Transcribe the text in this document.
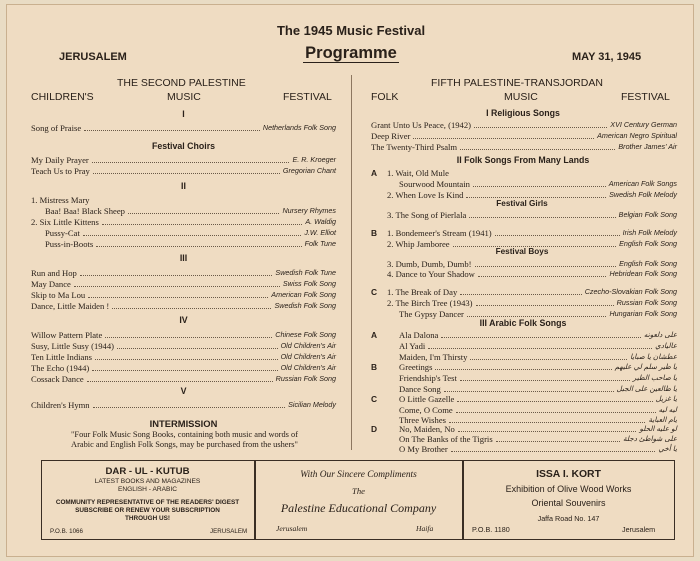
The 1945 Music Festival
Programme
JERUSALEM	MAY 31, 1945
THE SECOND PALESTINE
CHILDREN'S	MUSIC	FESTIVAL
I
Song of Praise	Netherlands Folk Song
Festival Choirs
My Daily Prayer	E. R. Kroeger
Teach Us to Pray	Gregorian Chant
II
1. Mistress Mary
Baa! Baa! Black Sheep	Nursery Rhymes
2. Six Little Kittens	A. Waldig
Pussy-Cat	J.W. Elliot
Puss-in-Boots	Folk Tune
III
Run and Hop	Swedish Folk Tune
May Dance	Swiss Folk Song
Skip to Ma Lou	American Folk Song
Dance, Little Maiden !	Swedish Folk Song
IV
Willow Pattern Plate	Chinese Folk Song
Susy, Little Susy (1944)	Old Children's Air
Ten Little Indians	Old Children's Air
The Echo (1944)	Old Children's Air
Cossack Dance	Russian Folk Song
V
Children's Hymn	Sicilian Melody
INTERMISSION
"Four Folk Music Song Books, containing both music and words of
Arabic and English Folk Songs, may be purchased from the ushers"
FIFTH PALESTINE-TRANSJORDAN
FOLK	MUSIC	FESTIVAL
I Religious Songs
Grant Unto Us Peace, (1942)	XVI Century German
Deep River	American Negro Spiritual
The Twenty-Third Psalm	Brother James' Air
II Folk Songs From Many Lands
A	1. Wait, Old Mule
Sourwood Mountain	American Folk Songs
2. When Love Is Kind	Swedish Folk Melody
Festival Girls
3. The Song of Pierlala	Belgian Folk Song
B	1. Bondemeer's Stream (1941)	Irish Folk Melody
2. Whip Jamboree	English Folk Song
Festival Boys
3. Dumb, Dumb, Dumb!	English Folk Song
4. Dance to Your Shadow	Hebridean Folk Song
C	1. The Break of Day	Czecho-Slovakian Folk Song
2. The Birch Tree (1943)	Russian Folk Song
The Gypsy Dancer	Hungarian Folk Song
III Arabic Folk Songs
A	Ala Dalona	على دلعونه
Al Yadi	عاليادي
Maiden, I'm Thirsty	عطشان يا صبايا
B	Greetings	يا طير سلم لي عليهم
Friendship's Test	يا صاحب الطير
Dance Song	يا طالعين على الجبل
C	O Little Gazelle	يا غزيل
Come, O Come	ليه ليه
Three Wishes	يام العباية
D	No, Maiden, No	لو عليه الحلو
On The Banks of the Tigris	على شواطئ دجلة
O My Brother	يا أخي
DAR - UL - KUTUB
LATEST BOOKS AND MAGAZINES
ENGLISH - ARABIC
COMMUNITY REPRESENTATIVE OF THE READERS' DIGEST
SUBSCRIBE OR RENEW YOUR SUBSCRIPTION
THROUGH US!
P.O.B. 1066	JERUSALEM
With Our Sincere Compliments
The
Palestine Educational Company
Jerusalem	Haifa
ISSA I. KORT
Exhibition of Olive Wood Works
Oriental Souvenirs
Jaffa Road No. 147
P.O.B. 1180	Jerusalem
